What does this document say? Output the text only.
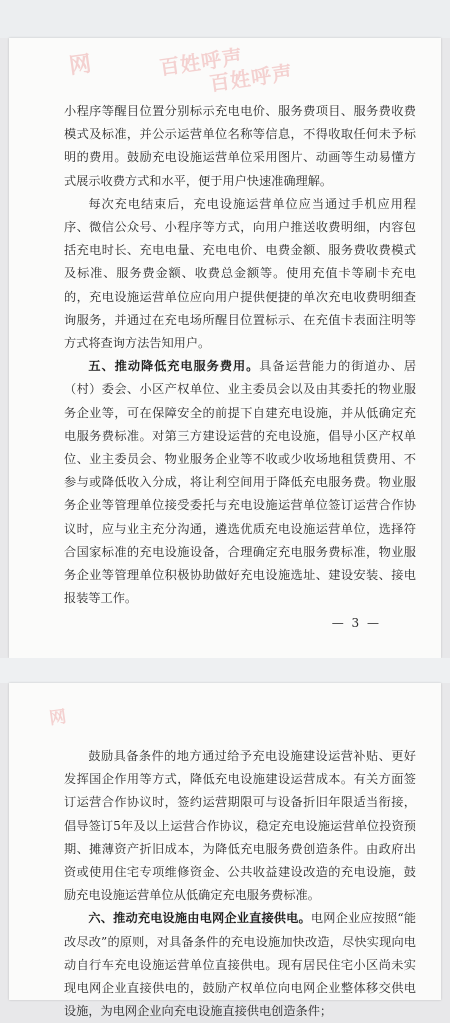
网	百姓呼声
百姓呼声

小程序等醒目位置分别标示充电电价、服务费项目、服务费收费模式及标准，并公示运营单位名称等信息，不得收取任何未予标明的费用。鼓励充电设施运营单位采用图片、动画等生动易懂方式展示收费方式和水平，便于用户快速准确理解。

每次充电结束后，充电设施运营单位应当通过手机应用程序、微信公众号、小程序等方式，向用户推送收费明细，内容包括充电时长、充电电量、充电电价、电费金额、服务费收费模式及标准、服务费金额、收费总金额等。使用充值卡等刷卡充电的，充电设施运营单位应向用户提供便捷的单次充电收费明细查询服务，并通过在充电场所醒目位置标示、在充值卡表面注明等方式将查询方法告知用户。

五、推动降低充电服务费用。具备运营能力的街道办、居（村）委会、小区产权单位、业主委员会以及由其委托的物业服务企业等，可在保障安全的前提下自建充电设施，并从低确定充电服务费标准。对第三方建设运营的充电设施，倡导小区产权单位、业主委员会、物业服务企业等不收或少收场地租赁费用、不参与或降低收入分成，将让利空间用于降低充电服务费。物业服务企业等管理单位接受委托与充电设施运营单位签订运营合作协议时，应与业主充分沟通，遴选优质充电设施运营单位，选择符合国家标准的充电设施设备，合理确定充电服务费标准，物业服务企业等管理单位积极协助做好充电设施选址、建设安装、接电报装等工作。

— 3 —
网

鼓励具备条件的地方通过给予充电设施建设运营补贴、更好发挥国企作用等方式，降低充电设施建设运营成本。有关方面签订运营合作协议时，签约运营期限可与设备折旧年限适当衔接，倡导签订5年及以上运营合作协议，稳定充电设施运营单位投资预期、摊薄资产折旧成本，为降低充电服务费创造条件。由政府出资或使用住宅专项维修资金、公共收益建设改造的充电设施，鼓励充电设施运营单位从低确定充电服务费标准。

六、推动充电设施由电网企业直接供电。电网企业应按照“能改尽改”的原则，对具备条件的充电设施加快改造，尽快实现向电动自行车充电设施运营单位直接供电。现有居民住宅小区尚未实现电网企业直接供电的，鼓励产权单位向电网企业整体移交供电设施，为电网企业向充电设施直接供电创造条件；
